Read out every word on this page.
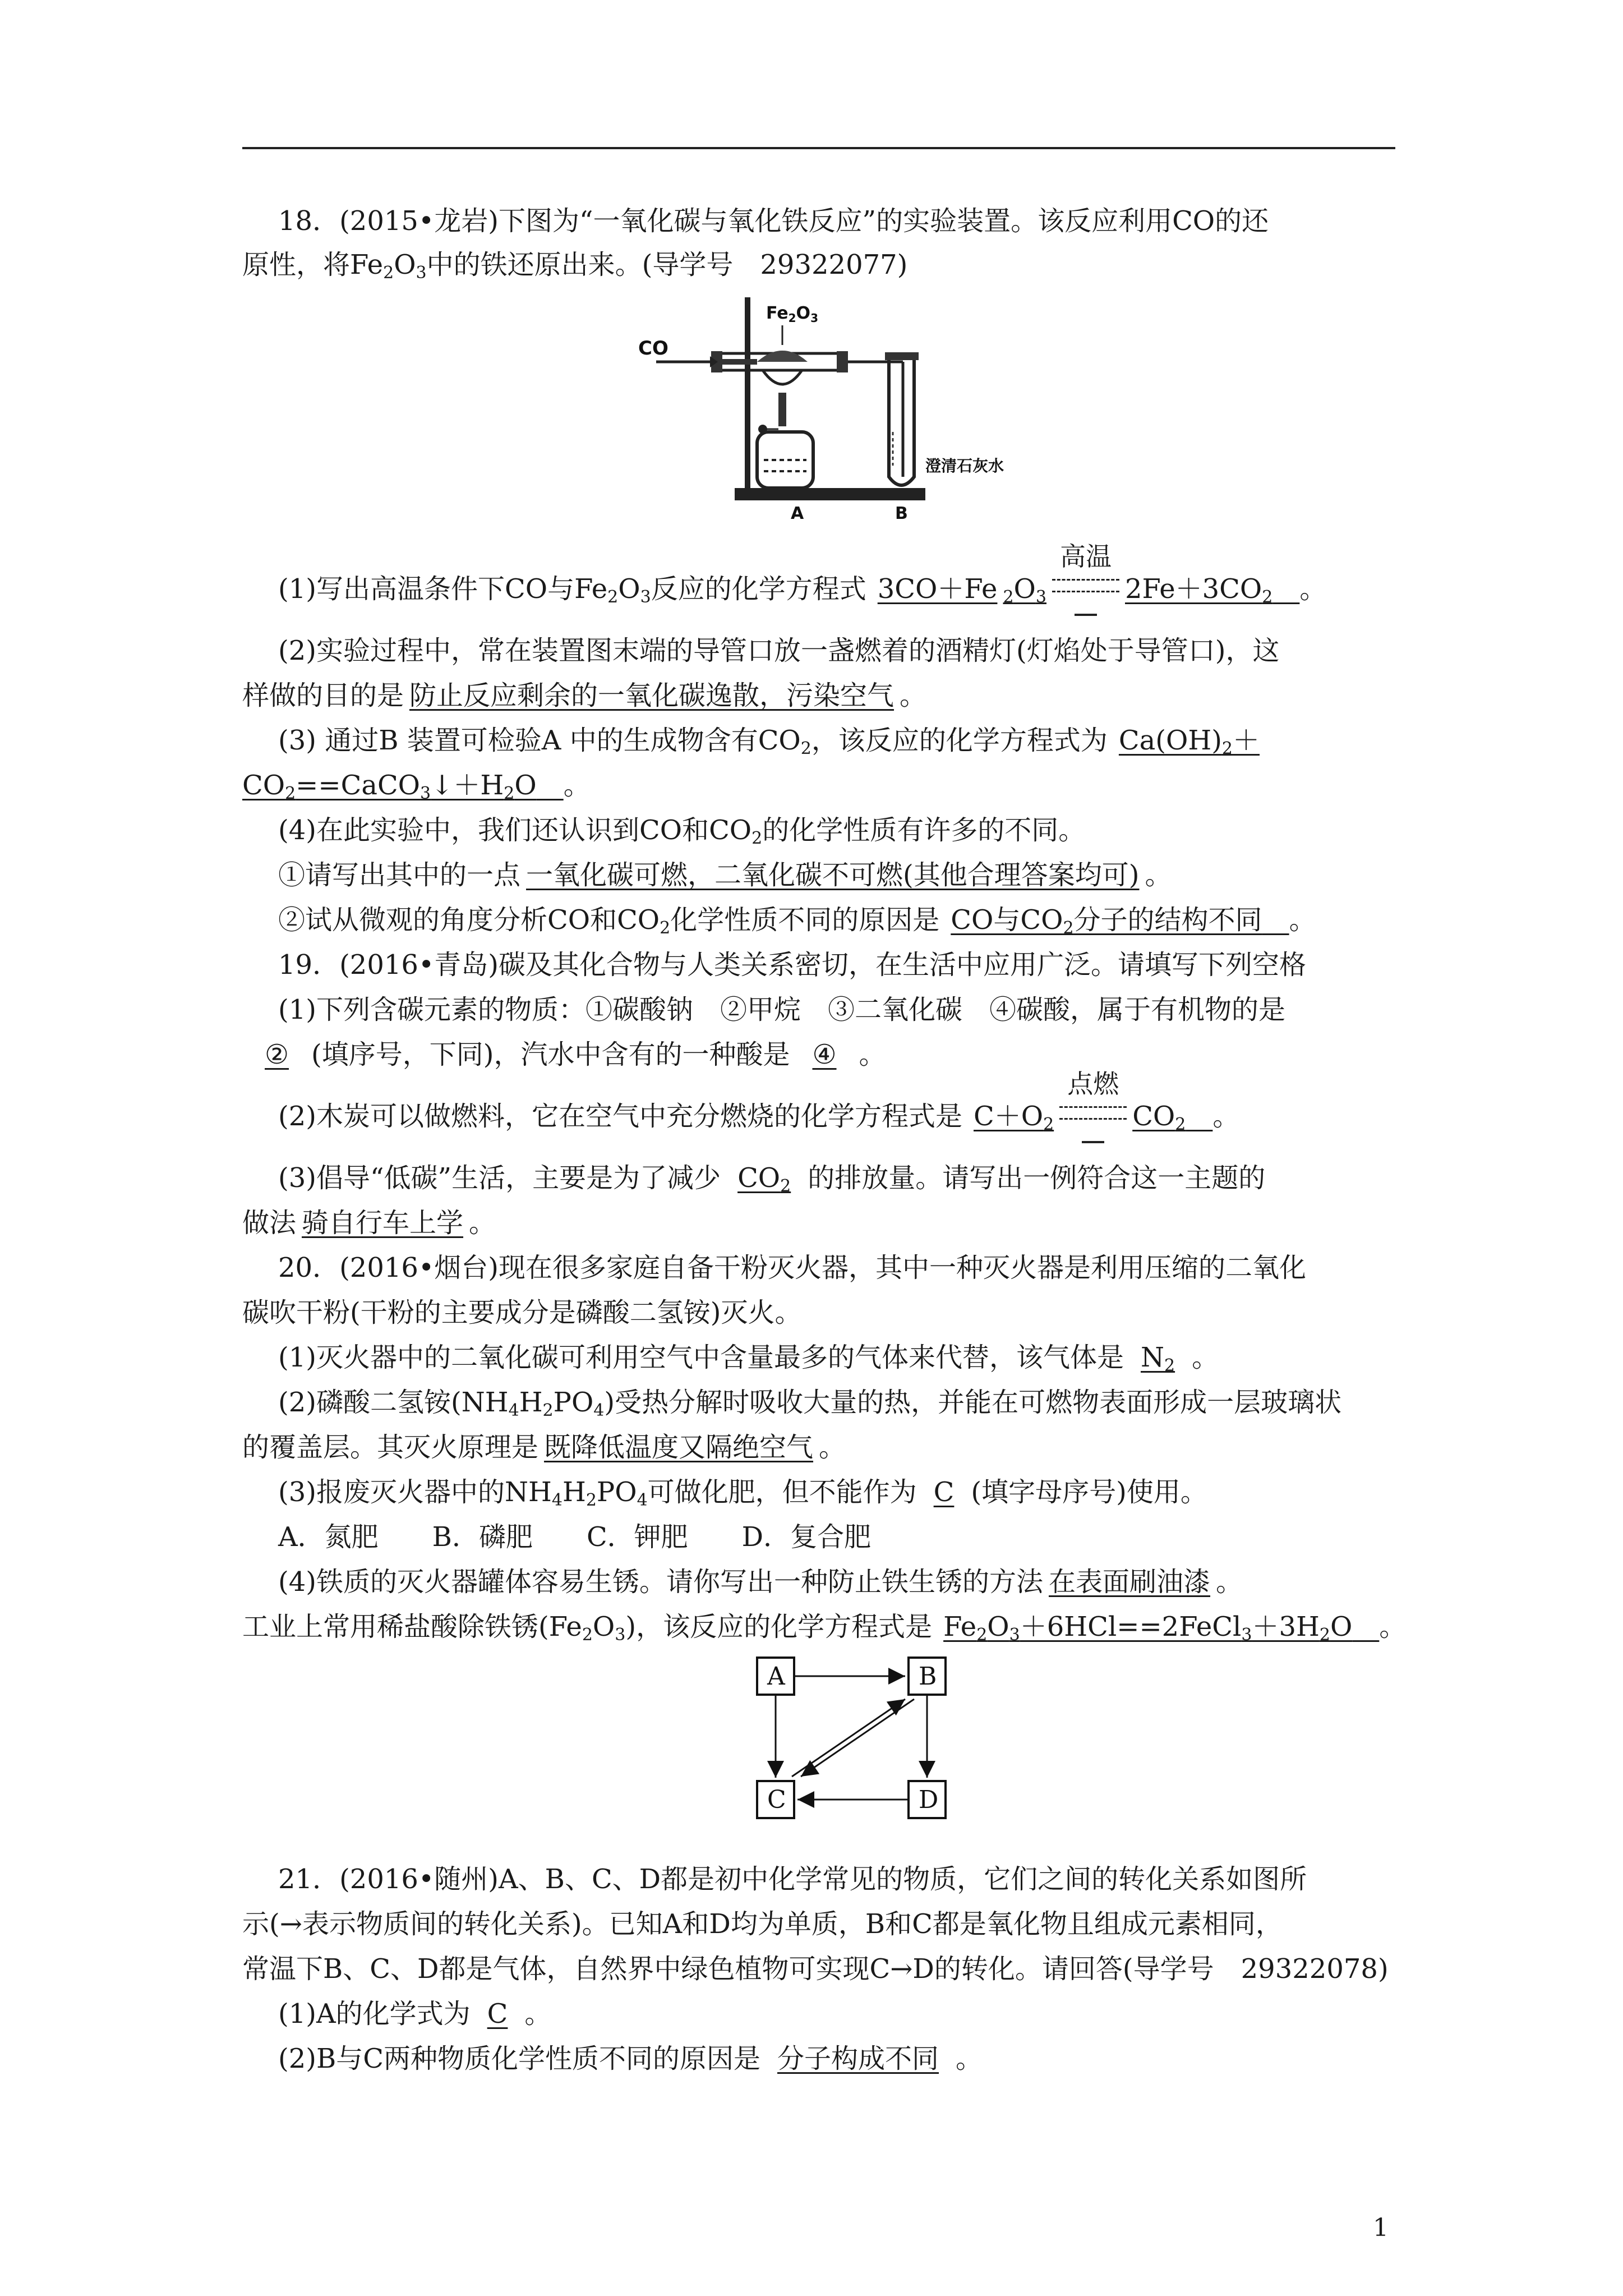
18．(2015•龙岩)下图为“一氧化碳与氧化铁反应”的实验装置。该反应利用CO的还
原性，将$Fe_2O_3$中的铁还原出来。(导学号　29322077)
CO
$Fe_2O_3$
澄清石灰水
A	B
(1)写出高温条件下CO与$Fe_2O_3$反应的化学方程式 3CO＋Fe $_2O_3$
高温
$2Fe+3CO_2$　 。
(2)实验过程中，常在装置图末端的导管口放一盏燃着的酒精灯(灯焰处于导管口)，这
样做的目的是 防止反应剩余的一氧化碳逸散，污染空气 。
(3) 通过B 装置可检验A 中的生成物含有$CO_2$，该反应的化学方程式为 $Ca(OH)_2+$
$CO_2==CaCO_3↓+H_2O$　 。
(4)在此实验中，我们还认识到CO和$CO_2$的化学性质有许多的不同。
①请写出其中的一点 一氧化碳可燃，二氧化碳不可燃(其他合理答案均可) 。
②试从微观的角度分析CO和$CO_2$化学性质不同的原因是 CO与$CO_2$分子的结构不同　 。
19．(2016•青岛)碳及其化合物与人类关系密切，在生活中应用广泛。请填写下列空格
(1)下列含碳元素的物质：①碳酸钠　②甲烷　③二氧化碳　④碳酸，属于有机物的是
② (填序号，下同)，汽水中含有的一种酸是 ④ 。
(2)木炭可以做燃料，它在空气中充分燃烧的化学方程式是 $C+O_2$
点燃
$CO_2$　 。
(3)倡导“低碳”生活，主要是为了减少 $CO_2$ 的排放量。请写出一例符合这一主题的
做法 骑自行车上学 。
20．(2016•烟台)现在很多家庭自备干粉灭火器，其中一种灭火器是利用压缩的二氧化
碳吹干粉(干粉的主要成分是磷酸二氢铵)灭火。
(1)灭火器中的二氧化碳可利用空气中含量最多的气体来代替，该气体是 $N_2$ 。
(2)磷酸二氢铵$(NH_4H_2PO_4)$受热分解时吸收大量的热，并能在可燃物表面形成一层玻璃状
的覆盖层。其灭火原理是 既降低温度又隔绝空气 。
(3)报废灭火器中的$NH_4H_2PO_4$可做化肥，但不能作为 C (填字母序号)使用。
A．氮肥　　B．磷肥　　C．钾肥　　D．复合肥
(4)铁质的灭火器罐体容易生锈。请你写出一种防止铁生锈的方法 在表面刷油漆 。
工业上常用稀盐酸除铁锈$(Fe_2O_3)$，该反应的化学方程式是 $Fe_2O_3+6HCl==2FeCl_3+3H_2O$　 。
A	B
C	D
21．(2016•随州)A、B、C、D都是初中化学常见的物质，它们之间的转化关系如图所
示(→表示物质间的转化关系)。已知A和D均为单质，B和C都是氧化物且组成元素相同，
常温下B、C、D都是气体，自然界中绿色植物可实现C→D的转化。请回答(导学号　29322078)
(1)A的化学式为 C 。
(2)B与C两种物质化学性质不同的原因是 分子构成不同 。
1
